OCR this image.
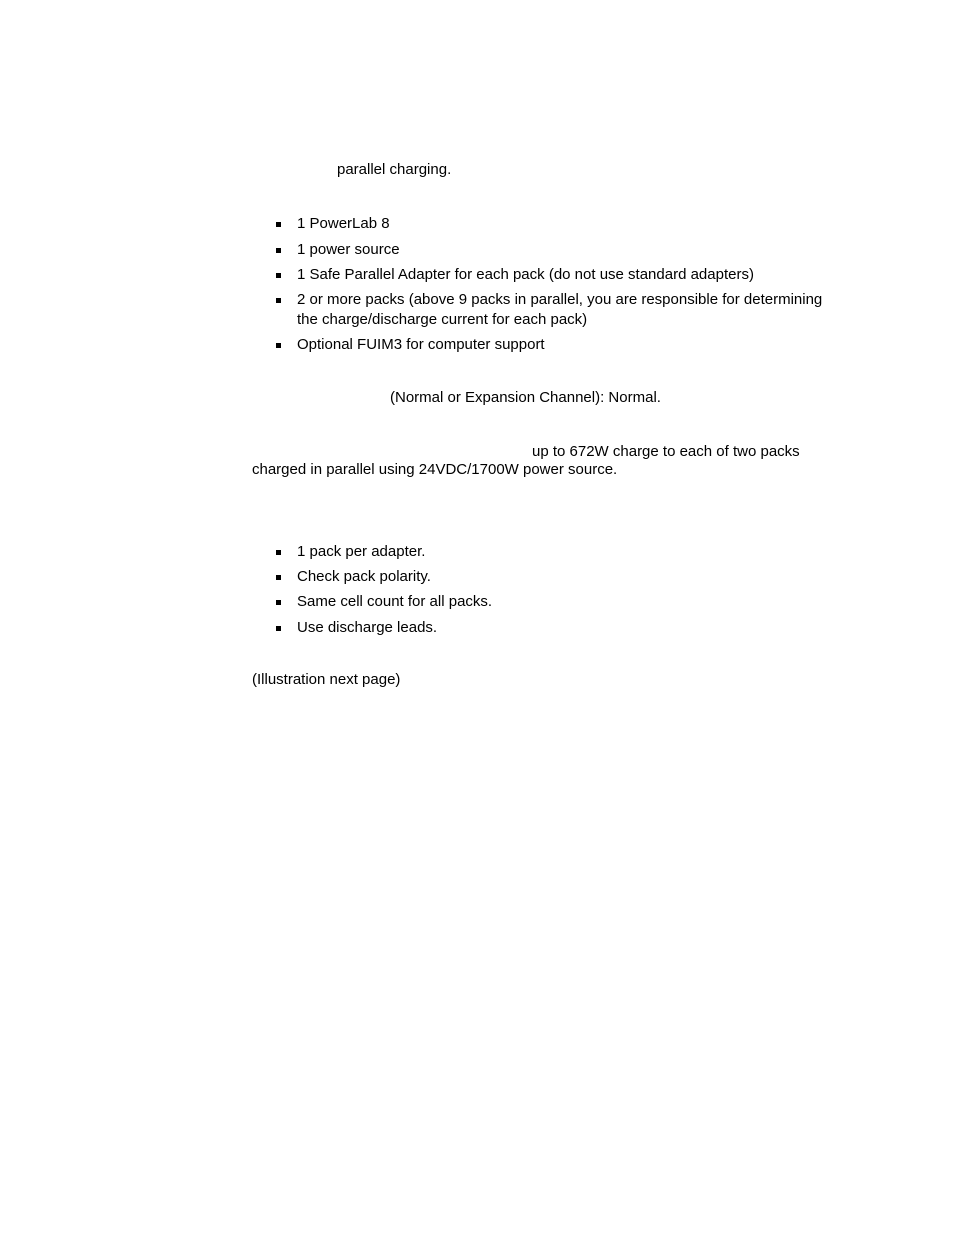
parallel charging.

1 PowerLab 8
1 power source
1 Safe Parallel Adapter for each pack (do not use standard adapters)
2 or more packs (above 9 packs in parallel, you are responsible for determining
the charge/discharge current for each pack)
Optional FUIM3 for computer support

(Normal or Expansion Channel): Normal.

up to 672W charge to each of two packs

charged in parallel using 24VDC/1700W power source.

1 pack per adapter.
Check pack polarity.
Same cell count for all packs.
Use discharge leads.

(Illustration next page)
